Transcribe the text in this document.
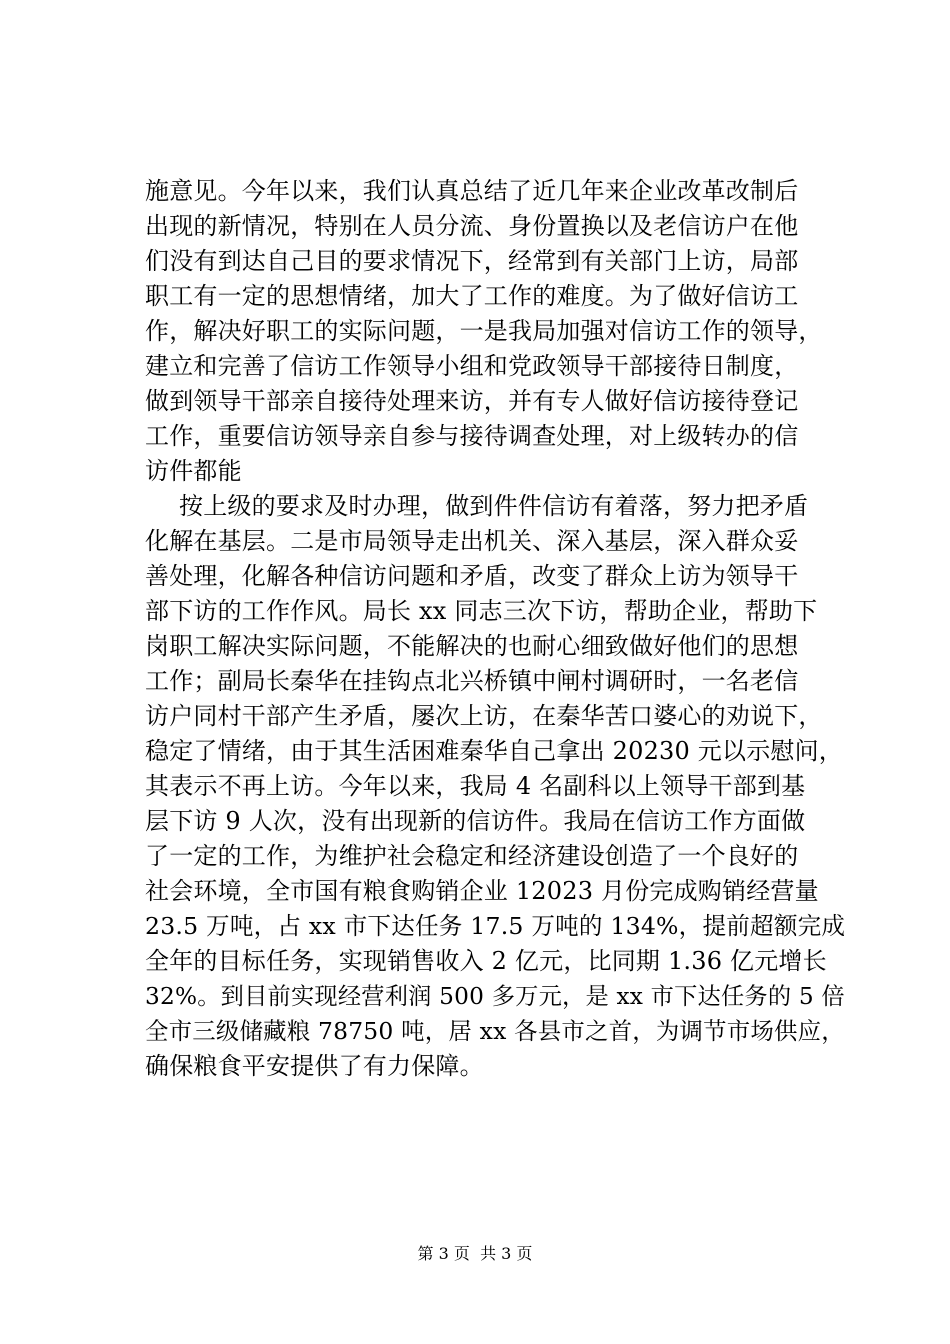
施意见。今年以来，我们认真总结了近几年来企业改革改制后
出现的新情况，特别在人员分流、身份置换以及老信访户在他
们没有到达自己目的要求情况下，经常到有关部门上访，局部
职工有一定的思想情绪，加大了工作的难度。为了做好信访工
作，解决好职工的实际问题，一是我局加强对信访工作的领导，
建立和完善了信访工作领导小组和党政领导干部接待日制度，
做到领导干部亲自接待处理来访，并有专人做好信访接待登记
工作，重要信访领导亲自参与接待调查处理，对上级转办的信
访件都能
按上级的要求及时办理，做到件件信访有着落，努力把矛盾
化解在基层。二是市局领导走出机关、深入基层，深入群众妥
善处理，化解各种信访问题和矛盾，改变了群众上访为领导干
部下访的工作作风。局长 xx 同志三次下访，帮助企业，帮助下
岗职工解决实际问题，不能解决的也耐心细致做好他们的思想
工作；副局长秦华在挂钩点北兴桥镇中闸村调研时，一名老信
访户同村干部产生矛盾，屡次上访，在秦华苦口婆心的劝说下，
稳定了情绪，由于其生活困难秦华自己拿出 20230 元以示慰问，
其表示不再上访。今年以来，我局 4 名副科以上领导干部到基
层下访 9 人次，没有出现新的信访件。我局在信访工作方面做
了一定的工作，为维护社会稳定和经济建设创造了一个良好的
社会环境，全市国有粮食购销企业 12023 月份完成购销经营量
23.5 万吨，占 xx 市下达任务 17.5 万吨的 134%，提前超额完成
全年的目标任务，实现销售收入 2 亿元，比同期 1.36 亿元增长
32%。到目前实现经营利润 500 多万元，是 xx 市下达任务的 5 倍
全市三级储藏粮 78750 吨，居 xx 各县市之首，为调节市场供应，
确保粮食平安提供了有力保障。
第 3 页  共 3 页
